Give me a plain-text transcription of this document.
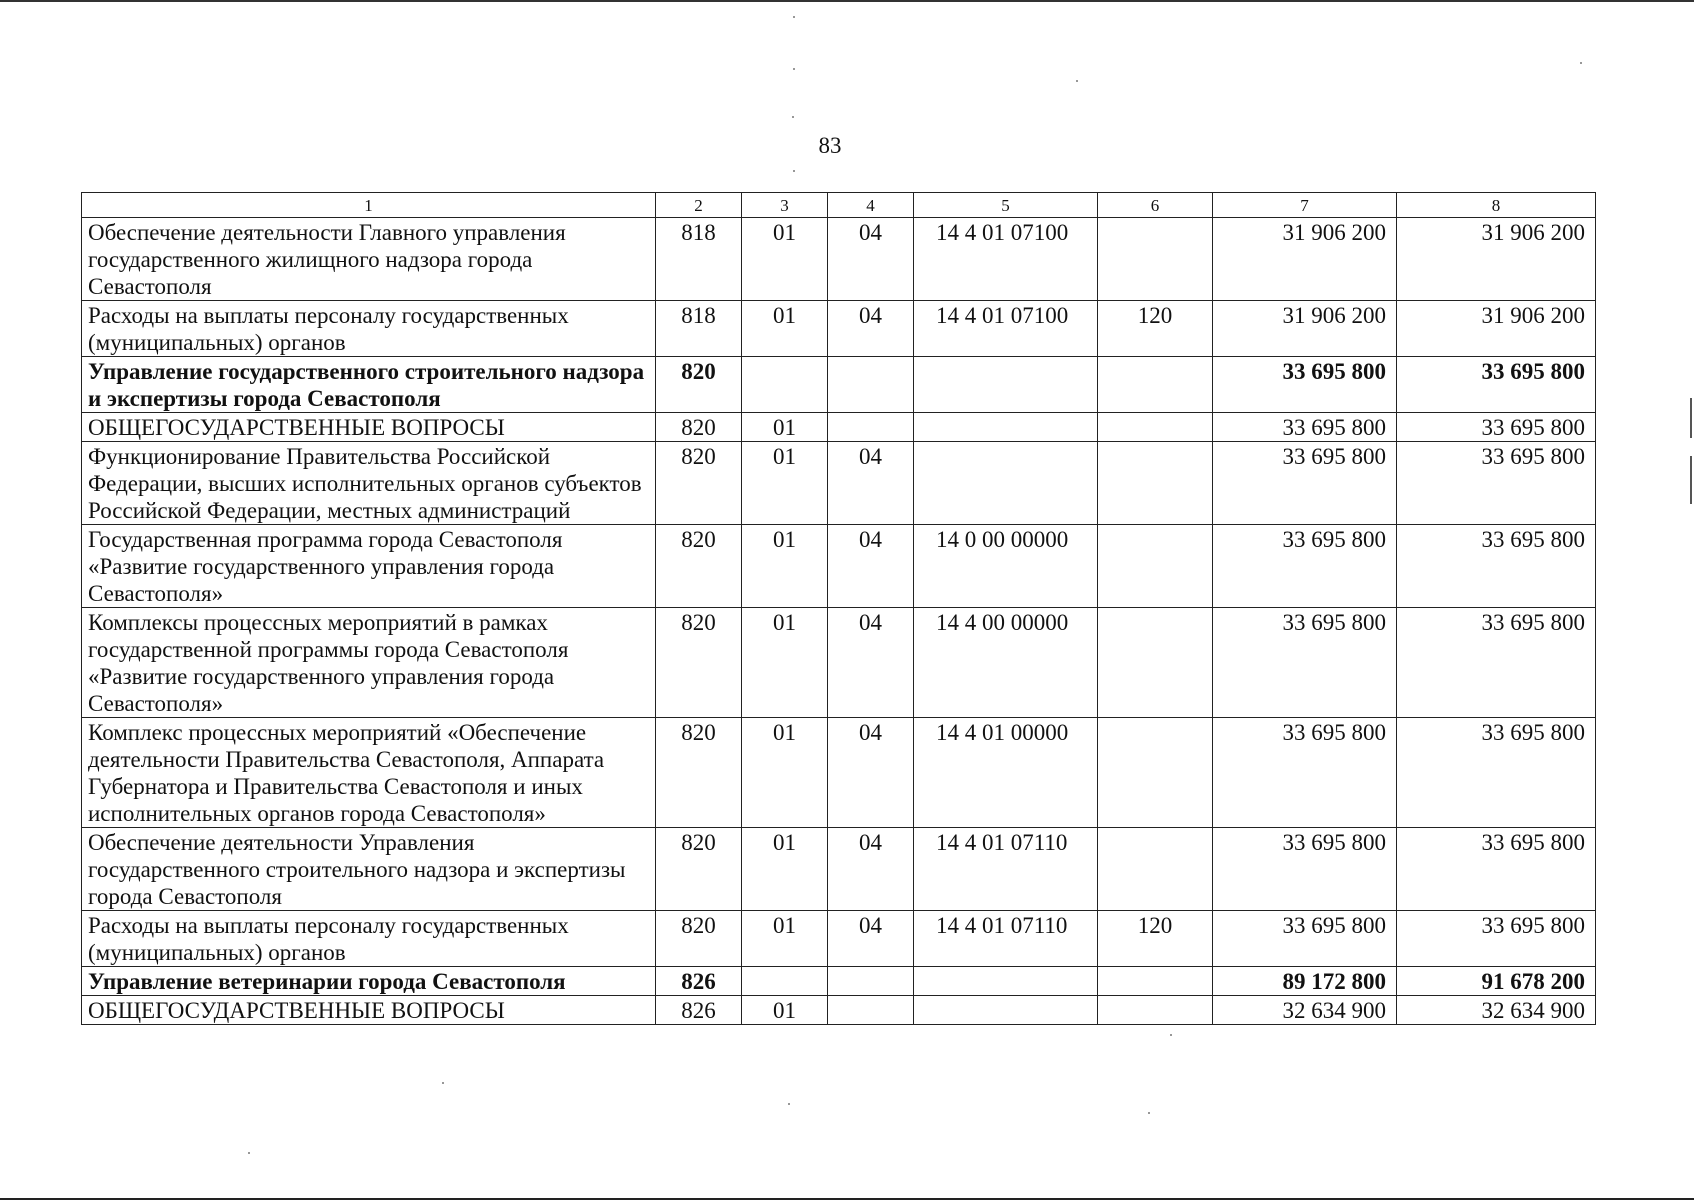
83
1	2	3	4	5	6	7	8
Обеспечение деятельности Главного управления государственного жилищного надзора города Севастополя	818	01	04	14 4 01 07100		31 906 200	31 906 200
Расходы на выплаты персоналу государственных (муниципальных) органов	818	01	04	14 4 01 07100	120	31 906 200	31 906 200
Управление государственного строительного надзора и экспертизы города Севастополя	820					33 695 800	33 695 800
ОБЩЕГОСУДАРСТВЕННЫЕ ВОПРОСЫ	820	01				33 695 800	33 695 800
Функционирование Правительства Российской Федерации, высших исполнительных органов субъектов Российской Федерации, местных администраций	820	01	04			33 695 800	33 695 800
Государственная программа города Севастополя «Развитие государственного управления города Севастополя»	820	01	04	14 0 00 00000		33 695 800	33 695 800
Комплексы процессных мероприятий в рамках государственной программы города Севастополя «Развитие государственного управления города Севастополя»	820	01	04	14 4 00 00000		33 695 800	33 695 800
Комплекс процессных мероприятий «Обеспечение деятельности Правительства Севастополя, Аппарата Губернатора и Правительства Севастополя и иных исполнительных органов города Севастополя»	820	01	04	14 4 01 00000		33 695 800	33 695 800
Обеспечение деятельности Управления государственного строительного надзора и экспертизы города Севастополя	820	01	04	14 4 01 07110		33 695 800	33 695 800
Расходы на выплаты персоналу государственных (муниципальных) органов	820	01	04	14 4 01 07110	120	33 695 800	33 695 800
Управление ветеринарии города Севастополя	826					89 172 800	91 678 200
ОБЩЕГОСУДАРСТВЕННЫЕ ВОПРОСЫ	826	01				32 634 900	32 634 900
